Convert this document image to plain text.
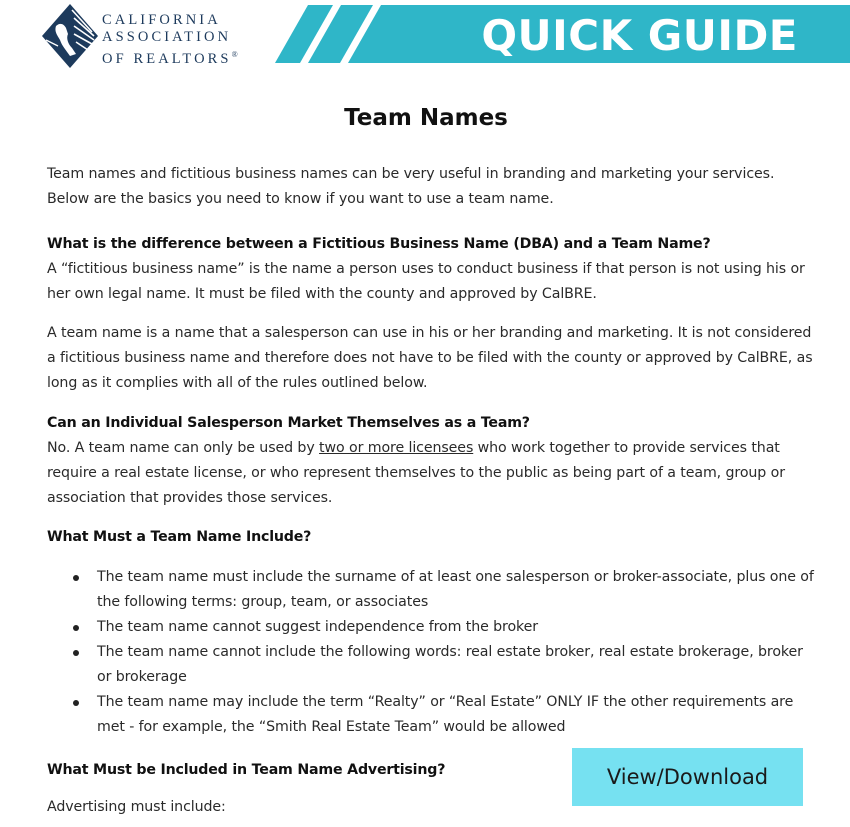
CALIFORNIA
ASSOCIATION
OF REALTORS®	QUICK GUIDE
Team Names
Team names and fictitious business names can be very useful in branding and marketing your services. Below are the basics you need to know if you want to use a team name.
What is the difference between a Fictitious Business Name (DBA) and a Team Name?
A “fictitious business name” is the name a person uses to conduct business if that person is not using his or her own legal name. It must be filed with the county and approved by CalBRE.
A team name is a name that a salesperson can use in his or her branding and marketing. It is not considered a fictitious business name and therefore does not have to be filed with the county or approved by CalBRE, as long as it complies with all of the rules outlined below.
Can an Individual Salesperson Market Themselves as a Team?
No. A team name can only be used by two or more licensees who work together to provide services that require a real estate license, or who represent themselves to the public as being part of a team, group or association that provides those services.
What Must a Team Name Include?
The team name must include the surname of at least one salesperson or broker-associate, plus one of the following terms: group, team, or associates
The team name cannot suggest independence from the broker
The team name cannot include the following words: real estate broker, real estate brokerage, broker or brokerage
The team name may include the term “Realty” or “Real Estate” ONLY IF the other requirements are met - for example, the “Smith Real Estate Team” would be allowed
What Must be Included in Team Name Advertising?
Advertising must include:
View/Download
